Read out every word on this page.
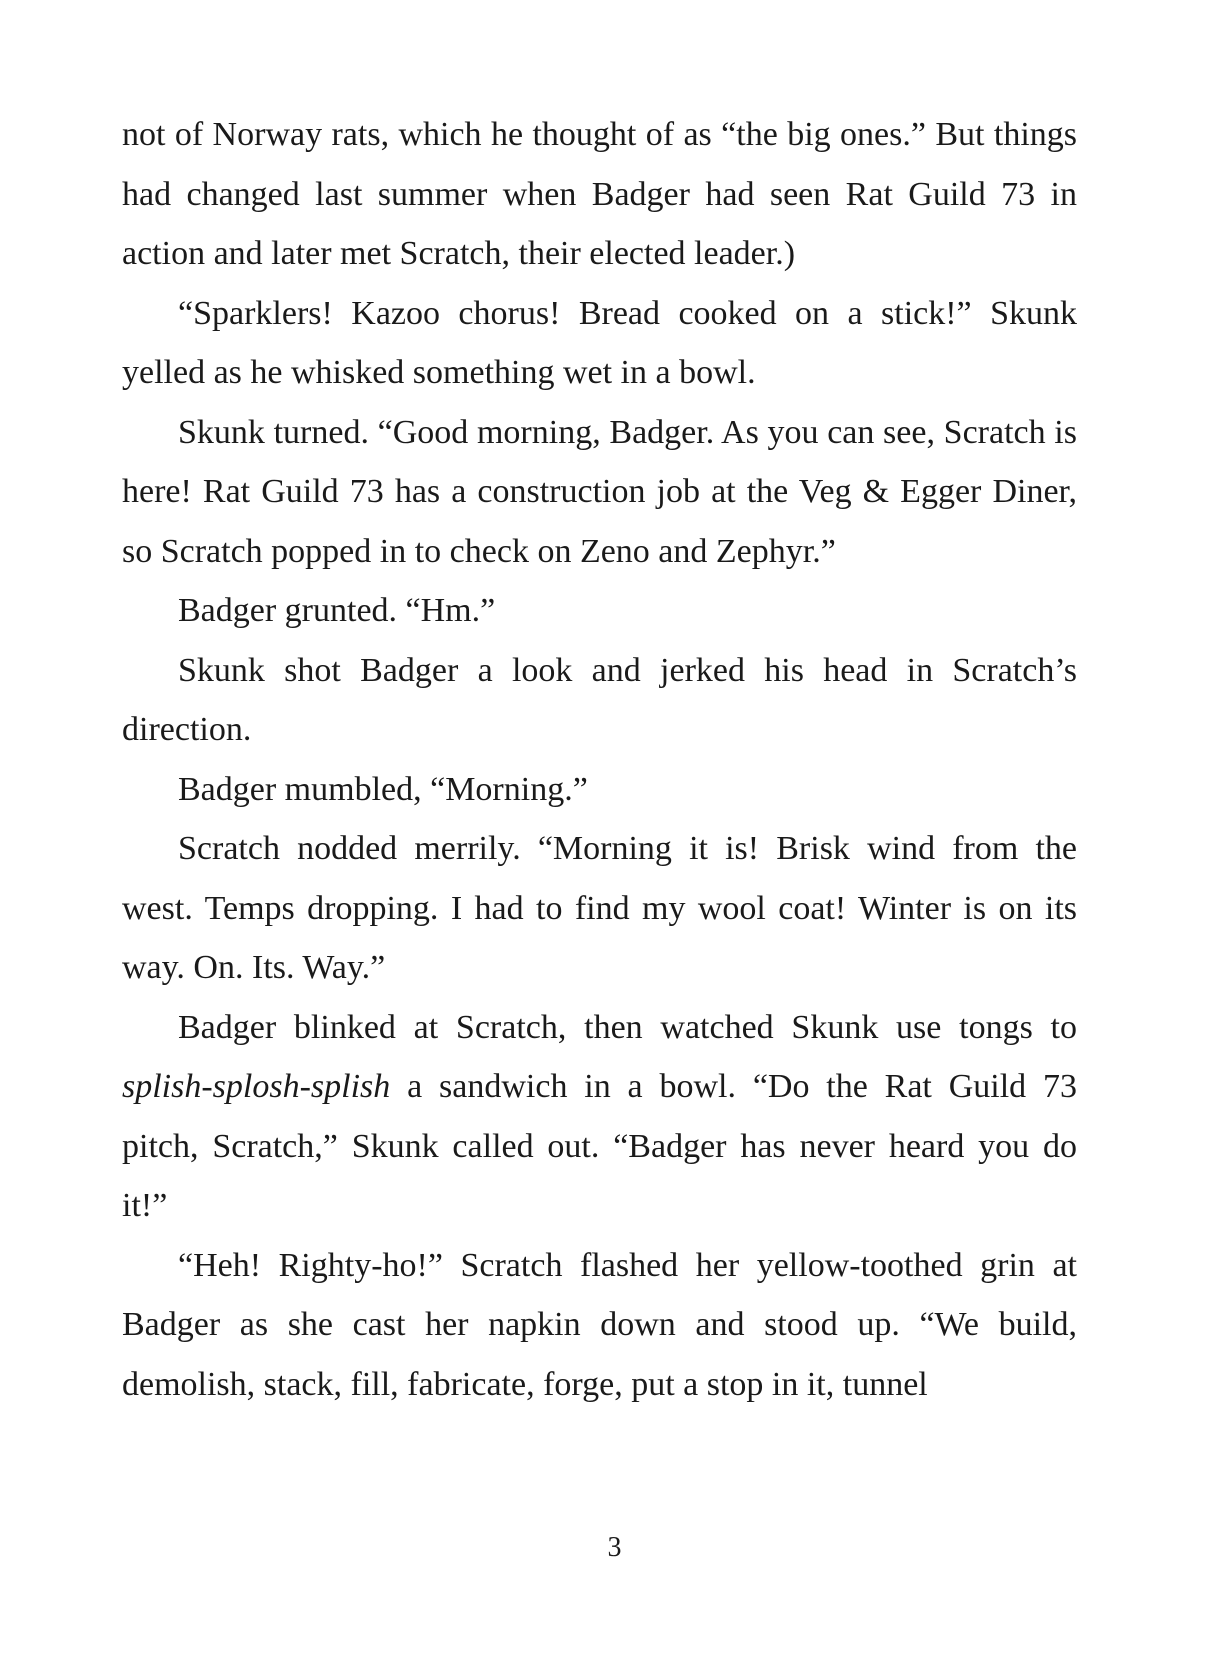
not of Norway rats, which he thought of as “the big ones.” But things had changed last summer when Badger had seen Rat Guild 73 in action and later met Scratch, their elected leader.)

“Sparklers! Kazoo chorus! Bread cooked on a stick!” Skunk yelled as he whisked something wet in a bowl.

Skunk turned. “Good morning, Badger. As you can see, Scratch is here! Rat Guild 73 has a construction job at the Veg & Egger Diner, so Scratch popped in to check on Zeno and Zephyr.”

Badger grunted. “Hm.”

Skunk shot Badger a look and jerked his head in Scratch’s direction.

Badger mumbled, “Morning.”

Scratch nodded merrily. “Morning it is! Brisk wind from the west. Temps dropping. I had to find my wool coat! Winter is on its way. On. Its. Way.”

Badger blinked at Scratch, then watched Skunk use tongs to splish-splosh-splish a sandwich in a bowl. “Do the Rat Guild 73 pitch, Scratch,” Skunk called out. “Badger has never heard you do it!”

“Heh! Righty-ho!” Scratch flashed her yellow-toothed grin at Badger as she cast her napkin down and stood up. “We build, demolish, stack, fill, fabricate, forge, put a stop in it, tunnel

3
